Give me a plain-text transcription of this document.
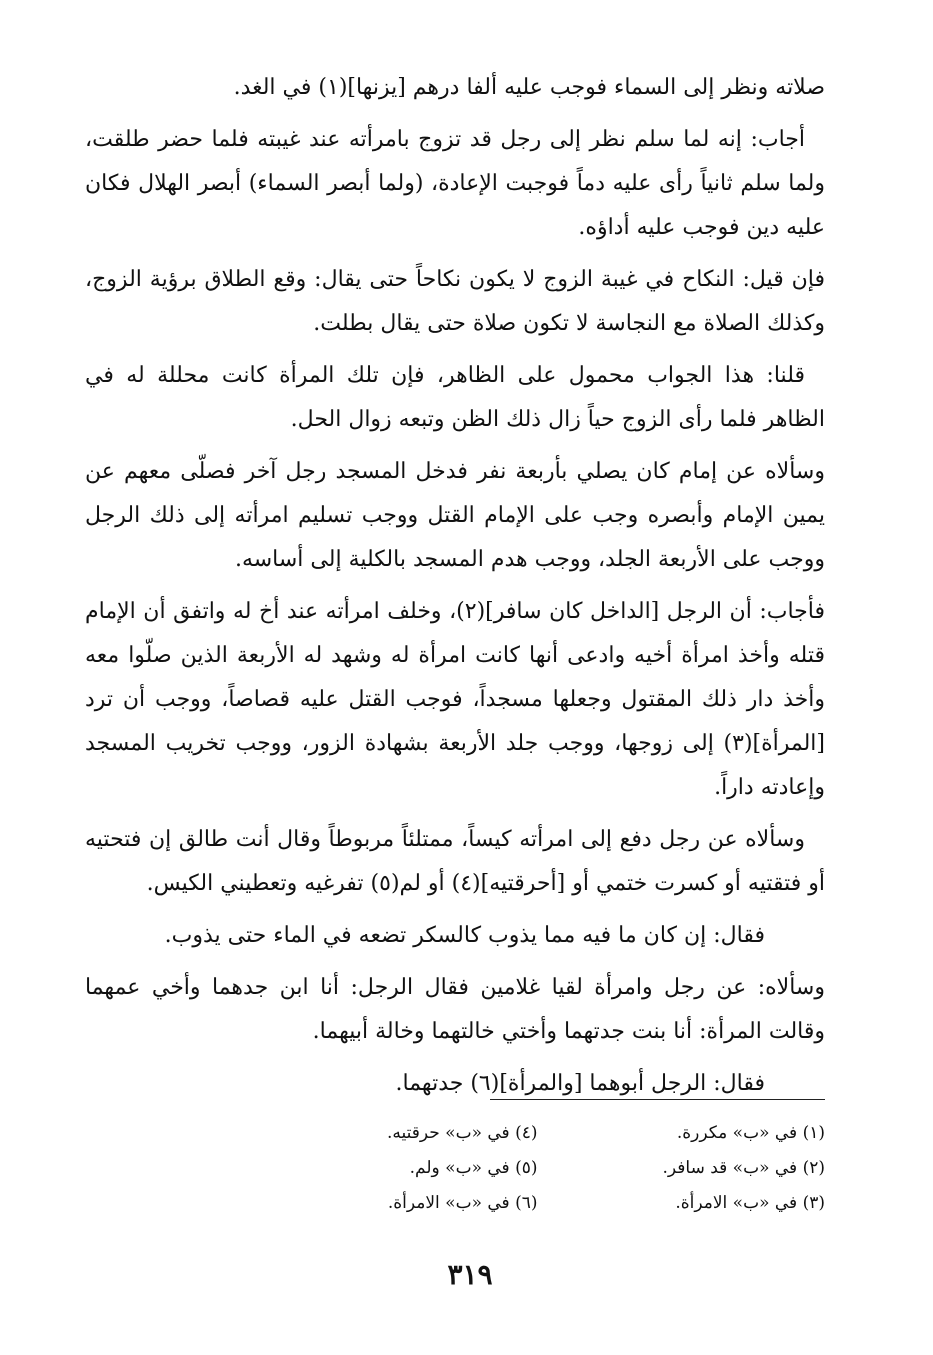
صلاته ونظر إلى السماء فوجب عليه ألفا درهم [يزنها](١) في الغد.

أجاب: إنه لما سلم نظر إلى رجل قد تزوج بامرأته عند غيبته فلما حضر طلقت، ولما سلم ثانياً رأى عليه دماً فوجبت الإعادة، (ولما أبصر السماء) أبصر الهلال فكان عليه دين فوجب عليه أداؤه.

فإن قيل: النكاح في غيبة الزوج لا يكون نكاحاً حتى يقال: وقع الطلاق برؤية الزوج، وكذلك الصلاة مع النجاسة لا تكون صلاة حتى يقال بطلت.

قلنا: هذا الجواب محمول على الظاهر، فإن تلك المرأة كانت محللة له في الظاهر فلما رأى الزوج حياً زال ذلك الظن وتبعه زوال الحل.

وسألاه عن إمام كان يصلي بأربعة نفر فدخل المسجد رجل آخر فصلّى معهم عن يمين الإمام وأبصره وجب على الإمام القتل ووجب تسليم امرأته إلى ذلك الرجل ووجب على الأربعة الجلد، ووجب هدم المسجد بالكلية إلى أساسه.

فأجاب: أن الرجل [الداخل كان سافر](٢)، وخلف امرأته عند أخ له واتفق أن الإمام قتله وأخذ امرأة أخيه وادعى أنها كانت امرأة له وشهد له الأربعة الذين صلّوا معه وأخذ دار ذلك المقتول وجعلها مسجداً، فوجب القتل عليه قصاصاً، ووجب أن ترد [المرأة](٣) إلى زوجها، ووجب جلد الأربعة بشهادة الزور، ووجب تخريب المسجد وإعادته داراً.

وسألاه عن رجل دفع إلى امرأته كيساً، ممتلئاً مربوطاً وقال أنت طالق إن فتحتيه أو فتقتيه أو كسرت ختمي أو [أحرقتيه](٤) أو لم(٥) تفرغيه وتعطيني الكيس.

فقال: إن كان ما فيه مما يذوب كالسكر تضعه في الماء حتى يذوب.

وسألاه: عن رجل وامرأة لقيا غلامين فقال الرجل: أنا ابن جدهما وأخي عمهما وقالت المرأة: أنا بنت جدتهما وأختي خالتهما وخالة أبيهما.

فقال: الرجل أبوهما [والمرأة](٦) جدتهما.

(١) في «ب» مكررة.
(٤) في «ب» حرقتيه.
(٢) في «ب» قد سافر.
(٥) في «ب» ولم.
(٣) في «ب» الامرأة.
(٦) في «ب» الامرأة.
٣١٩
